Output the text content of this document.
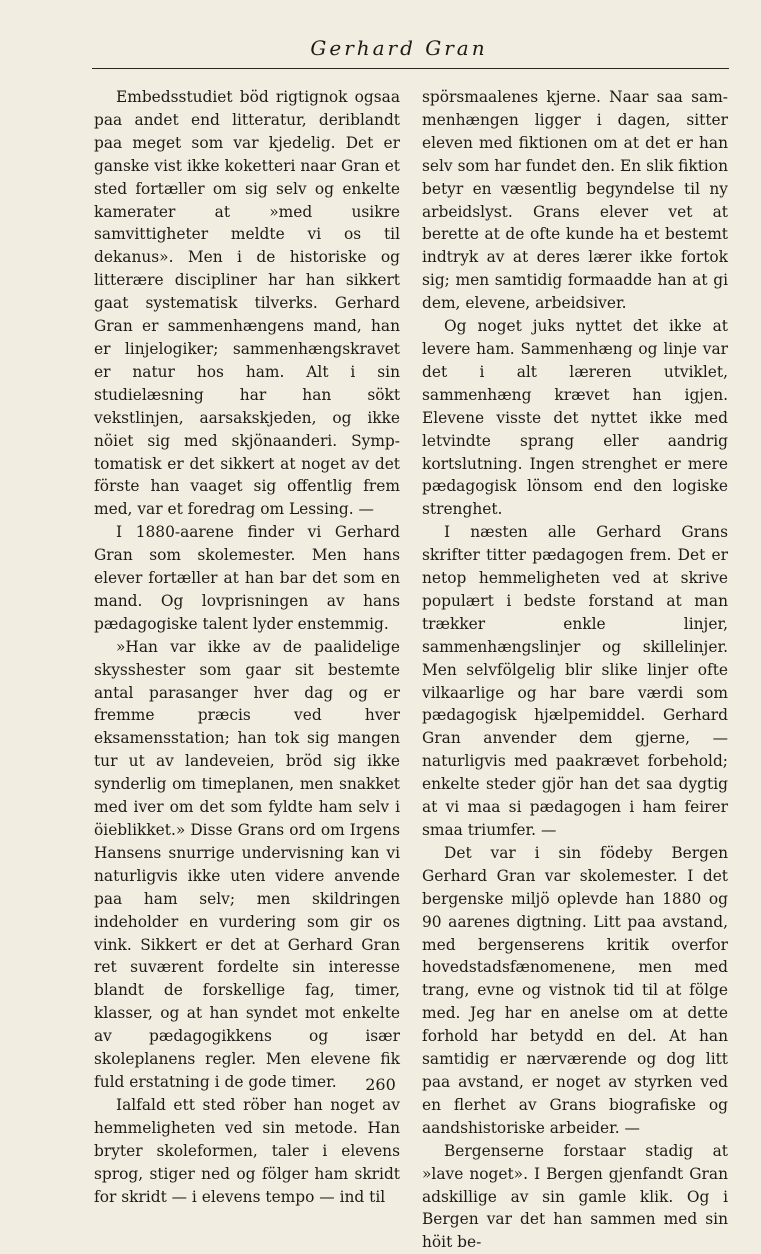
Gerhard Gran

Embedsstudiet böd rigtignok ogsaa paa andet end litteratur, deriblandt paa meget som var kjedelig. Det er ganske vist ikke koketteri naar Gran et sted fortæller om sig selv og enkelte kamerater at »med usikre samvittigheter meldte vi os til dekanus». Men i de historiske og litterære discipliner har han sikkert gaat systematisk tilverks. Gerhard Gran er sammenhængens mand, han er linjelogiker; sammenhængskravet er natur hos ham. Alt i sin studielæsning har han sökt vekstlinjen, aarsakskjeden, og ikke nöiet sig med skjönaanderi. Symptomatisk er det sikkert at noget av det förste han vaaget sig offentlig frem med, var et foredrag om Lessing. —

I 1880-aarene finder vi Gerhard Gran som skolemester. Men hans elever fortæller at han bar det som en mand. Og lovprisningen av hans pædagogiske talent lyder enstemmig.

»Han var ikke av de paalidelige skysshester som gaar sit bestemte antal parasanger hver dag og er fremme præcis ved hver eksamensstation; han tok sig mangen tur ut av landeveien, bröd sig ikke synderlig om timeplanen, men snakket med iver om det som fyldte ham selv i öieblikket.» Disse Grans ord om Irgens Hansens snurrige undervisning kan vi naturligvis ikke uten videre anvende paa ham selv; men skildringen indeholder en vurdering som gir os vink. Sikkert er det at Gerhard Gran ret suværent fordelte sin interesse blandt de forskellige fag, timer, klasser, og at han syndet mot enkelte av pædagogikkens og især skoleplanens regler. Men elevene fik fuld erstatning i de gode timer.

Ialfald ett sted röber han noget av hemmeligheten ved sin metode. Han bryter skoleformen, taler i elevens sprog, stiger ned og fölger ham skridt for skridt — i elevens tempo — ind til

spörsmaalenes kjerne. Naar saa sammenhængen ligger i dagen, sitter eleven med fiktionen om at det er han selv som har fundet den. En slik fiktion betyr en væsentlig begyndelse til ny arbeidslyst. Grans elever vet at berette at de ofte kunde ha et bestemt indtryk av at deres lærer ikke fortok sig; men samtidig formaadde han at gi dem, elevene, arbeidsiver.

Og noget juks nyttet det ikke at levere ham. Sammenhæng og linje var det i alt læreren utviklet, sammenhæng krævet han igjen. Elevene visste det nyttet ikke med letvindte sprang eller aandrig kortslutning. Ingen strenghet er mere pædagogisk lönsom end den logiske strenghet.

I næsten alle Gerhard Grans skrifter titter pædagogen frem. Det er netop hemmeligheten ved at skrive populært i bedste forstand at man trækker enkle linjer, sammenhængslinjer og skillelinjer. Men selvfölgelig blir slike linjer ofte vilkaarlige og har bare værdi som pædagogisk hjælpemiddel. Gerhard Gran anvender dem gjerne, — naturligvis med paakrævet forbehold; enkelte steder gjör han det saa dygtig at vi maa si pædagogen i ham feirer smaa triumfer. —

Det var i sin födeby Bergen Gerhard Gran var skolemester. I det bergenske miljö oplevde han 1880 og 90 aarenes digtning. Litt paa avstand, med bergenserens kritik overfor hovedstadsfænomenene, men med trang, evne og vistnok tid til at fölge med. Jeg har en anelse om at dette forhold har betydd en del. At han samtidig er nærværende og dog litt paa avstand, er noget av styrken ved en flerhet av Grans biografiske og aandshistoriske arbeider. —

Bergenserne forstaar stadig at »lave noget». I Bergen gjenfandt Gran adskillige av sin gamle klik. Og i Bergen var det han sammen med sin höit be-

260
